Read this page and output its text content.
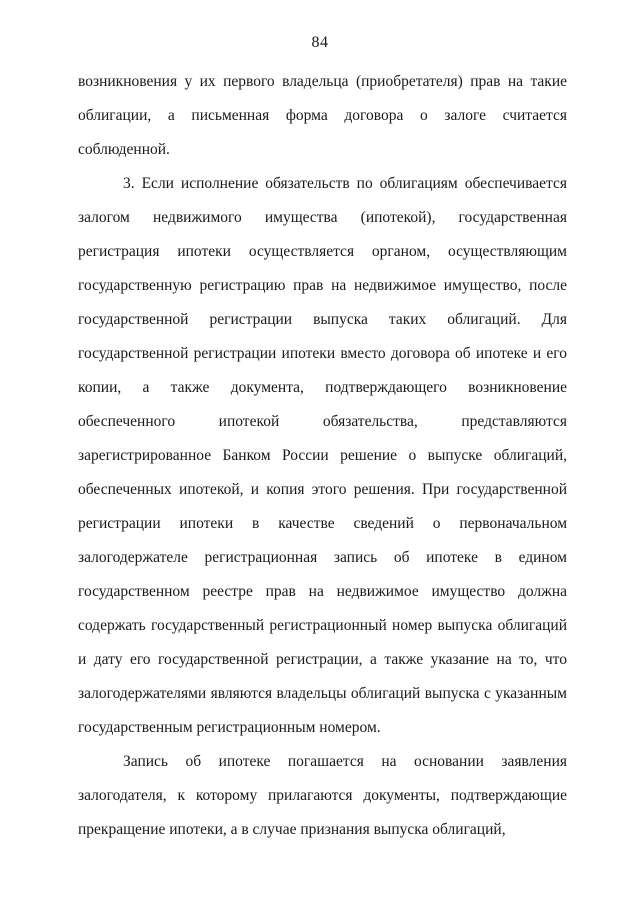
84

возникновения у их первого владельца (приобретателя) прав на такие облигации, а письменная форма договора о залоге считается соблюденной.

3. Если исполнение обязательств по облигациям обеспечивается залогом недвижимого имущества (ипотекой), государственная регистрация ипотеки осуществляется органом, осуществляющим государственную регистрацию прав на недвижимое имущество, после государственной регистрации выпуска таких облигаций. Для государственной регистрации ипотеки вместо договора об ипотеке и его копии, а также документа, подтверждающего возникновение обеспеченного ипотекой обязательства, представляются зарегистрированное Банком России решение о выпуске облигаций, обеспеченных ипотекой, и копия этого решения. При государственной регистрации ипотеки в качестве сведений о первоначальном залогодержателе регистрационная запись об ипотеке в едином государственном реестре прав на недвижимое имущество должна содержать государственный регистрационный номер выпуска облигаций и дату его государственной регистрации, а также указание на то, что залогодержателями являются владельцы облигаций выпуска с указанным государственным регистрационным номером.

Запись об ипотеке погашается на основании заявления залогодателя, к которому прилагаются документы, подтверждающие прекращение ипотеки, а в случае признания выпуска облигаций,
